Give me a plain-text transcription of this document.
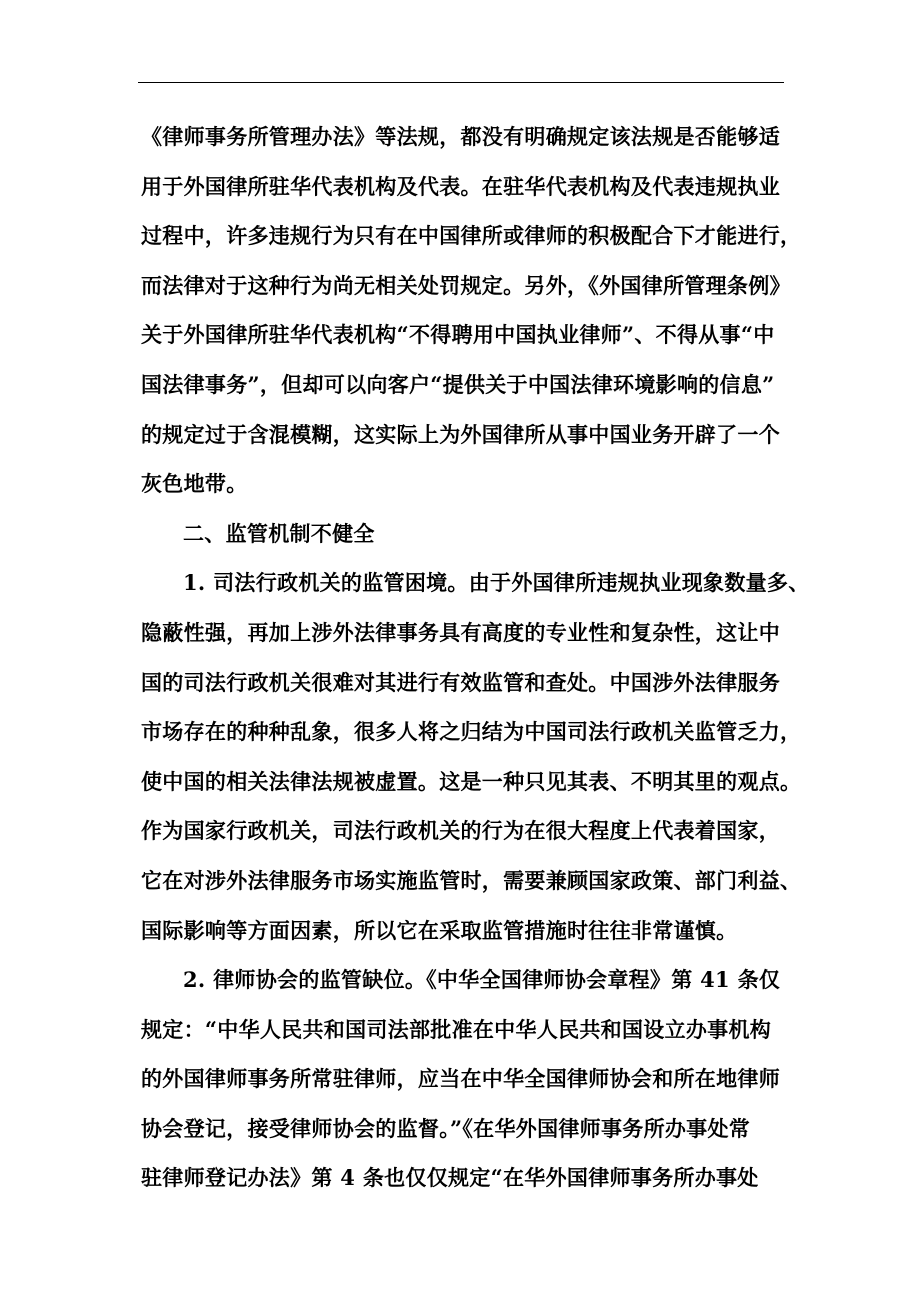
《律师事务所管理办法》等法规，都没有明确规定该法规是否能够适
用于外国律所驻华代表机构及代表。在驻华代表机构及代表违规执业
过程中，许多违规行为只有在中国律所或律师的积极配合下才能进行，
而法律对于这种行为尚无相关处罚规定。另外，《外国律所管理条例》
关于外国律所驻华代表机构“不得聘用中国执业律师”、不得从事“中
国法律事务”，但却可以向客户“提供关于中国法律环境影响的信息”
的规定过于含混模糊，这实际上为外国律所从事中国业务开辟了一个
灰色地带。
二、监管机制不健全
1. 司法行政机关的监管困境。由于外国律所违规执业现象数量多、
隐蔽性强，再加上涉外法律事务具有高度的专业性和复杂性，这让中
国的司法行政机关很难对其进行有效监管和查处。中国涉外法律服务
市场存在的种种乱象，很多人将之归结为中国司法行政机关监管乏力，
使中国的相关法律法规被虚置。这是一种只见其表、不明其里的观点。
作为国家行政机关，司法行政机关的行为在很大程度上代表着国家，
它在对涉外法律服务市场实施监管时，需要兼顾国家政策、部门利益、
国际影响等方面因素，所以它在采取监管措施时往往非常谨慎。
2. 律师协会的监管缺位。《中华全国律师协会章程》第 41 条仅
规定：“中华人民共和国司法部批准在中华人民共和国设立办事机构
的外国律师事务所常驻律师，应当在中华全国律师协会和所在地律师
协会登记，接受律师协会的监督。”《在华外国律师事务所办事处常
驻律师登记办法》第 4 条也仅仅规定“在华外国律师事务所办事处
